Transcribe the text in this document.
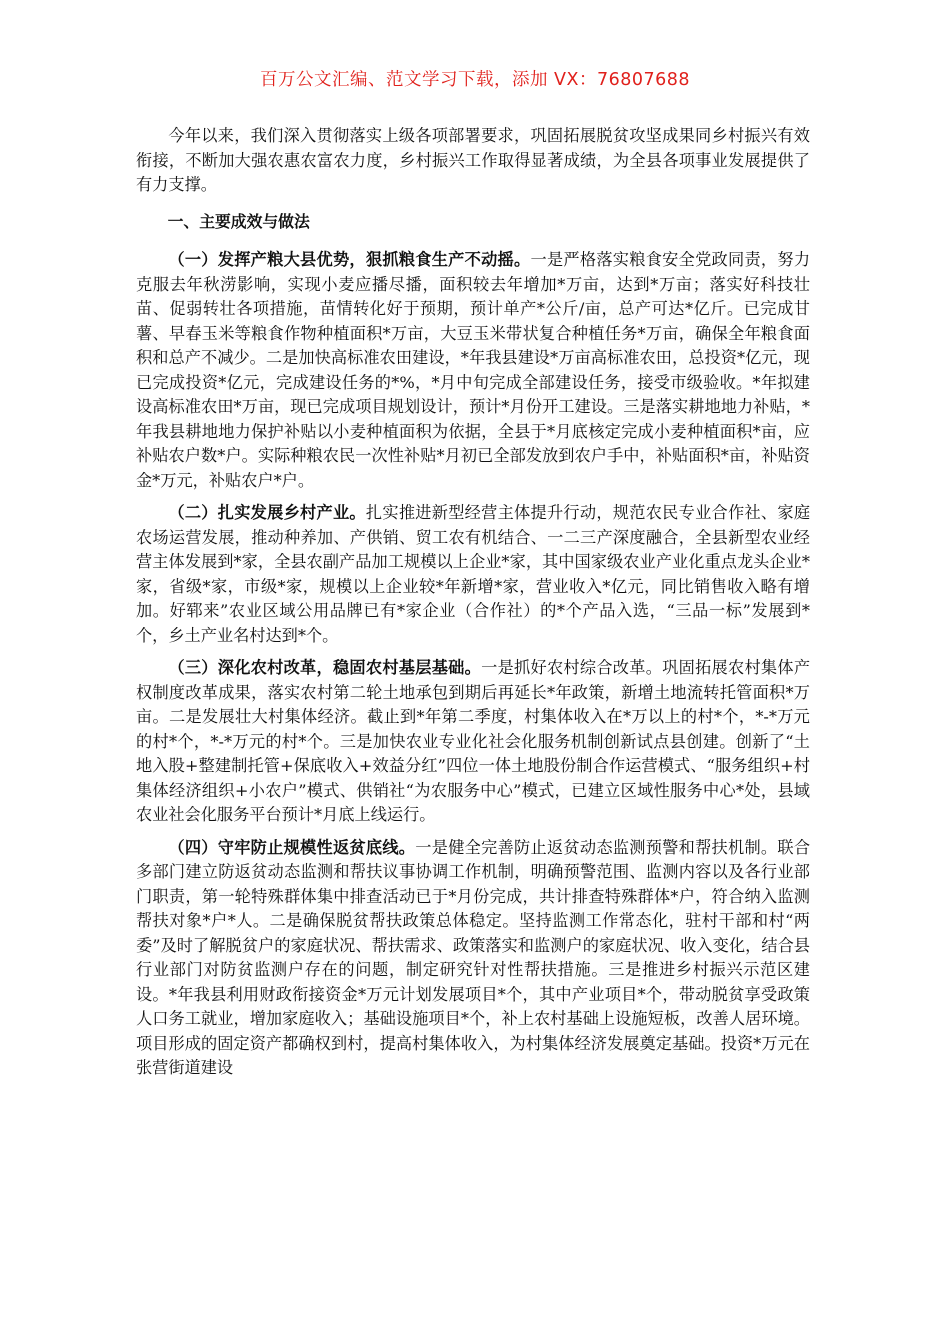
百万公文汇编、范文学习下载，添加 VX：76807688

今年以来，我们深入贯彻落实上级各项部署要求，巩固拓展脱贫攻坚成果同乡村振兴有效衔接，不断加大强农惠农富农力度，乡村振兴工作取得显著成绩，为全县各项事业发展提供了有力支撑。

一、主要成效与做法

（一）发挥产粮大县优势，狠抓粮食生产不动摇。一是严格落实粮食安全党政同责，努力克服去年秋涝影响，实现小麦应播尽播，面积较去年增加*万亩，达到*万亩；落实好科技壮苗、促弱转壮各项措施，苗情转化好于预期，预计单产*公斤/亩，总产可达*亿斤。已完成甘薯、早春玉米等粮食作物种植面积*万亩，大豆玉米带状复合种植任务*万亩，确保全年粮食面积和总产不减少。二是加快高标准农田建设，*年我县建设*万亩高标准农田，总投资*亿元，现已完成投资*亿元，完成建设任务的*%，*月中旬完成全部建设任务，接受市级验收。*年拟建设高标准农田*万亩，现已完成项目规划设计，预计*月份开工建设。三是落实耕地地力补贴，*年我县耕地地力保护补贴以小麦种植面积为依据，全县于*月底核定完成小麦种植面积*亩，应补贴农户数*户。实际种粮农民一次性补贴*月初已全部发放到农户手中，补贴面积*亩，补贴资金*万元，补贴农户*户。

（二）扎实发展乡村产业。扎实推进新型经营主体提升行动，规范农民专业合作社、家庭农场运营发展，推动种养加、产供销、贸工农有机结合、一二三产深度融合，全县新型农业经营主体发展到*家，全县农副产品加工规模以上企业*家，其中国家级农业产业化重点龙头企业*家，省级*家，市级*家，规模以上企业较*年新增*家，营业收入*亿元，同比销售收入略有增加。好郓来”农业区域公用品牌已有*家企业（合作社）的*个产品入选，“三品一标”发展到*个，乡土产业名村达到*个。

（三）深化农村改革，稳固农村基层基础。一是抓好农村综合改革。巩固拓展农村集体产权制度改革成果，落实农村第二轮土地承包到期后再延长*年政策，新增土地流转托管面积*万亩。二是发展壮大村集体经济。截止到*年第二季度，村集体收入在*万以上的村*个，*-*万元的村*个，*-*万元的村*个。三是加快农业专业化社会化服务机制创新试点县创建。创新了“土地入股+整建制托管+保底收入+效益分红”四位一体土地股份制合作运营模式、“服务组织+村集体经济组织+小农户”模式、供销社“为农服务中心”模式，已建立区域性服务中心*处，县域农业社会化服务平台预计*月底上线运行。

（四）守牢防止规模性返贫底线。一是健全完善防止返贫动态监测预警和帮扶机制。联合多部门建立防返贫动态监测和帮扶议事协调工作机制，明确预警范围、监测内容以及各行业部门职责，第一轮特殊群体集中排查活动已于*月份完成，共计排查特殊群体*户，符合纳入监测帮扶对象*户*人。二是确保脱贫帮扶政策总体稳定。坚持监测工作常态化，驻村干部和村“两委”及时了解脱贫户的家庭状况、帮扶需求、政策落实和监测户的家庭状况、收入变化，结合县行业部门对防贫监测户存在的问题，制定研究针对性帮扶措施。三是推进乡村振兴示范区建设。*年我县利用财政衔接资金*万元计划发展项目*个，其中产业项目*个，带动脱贫享受政策人口务工就业，增加家庭收入；基础设施项目*个，补上农村基础上设施短板，改善人居环境。项目形成的固定资产都确权到村，提高村集体收入，为村集体经济发展奠定基础。投资*万元在张营街道建设
